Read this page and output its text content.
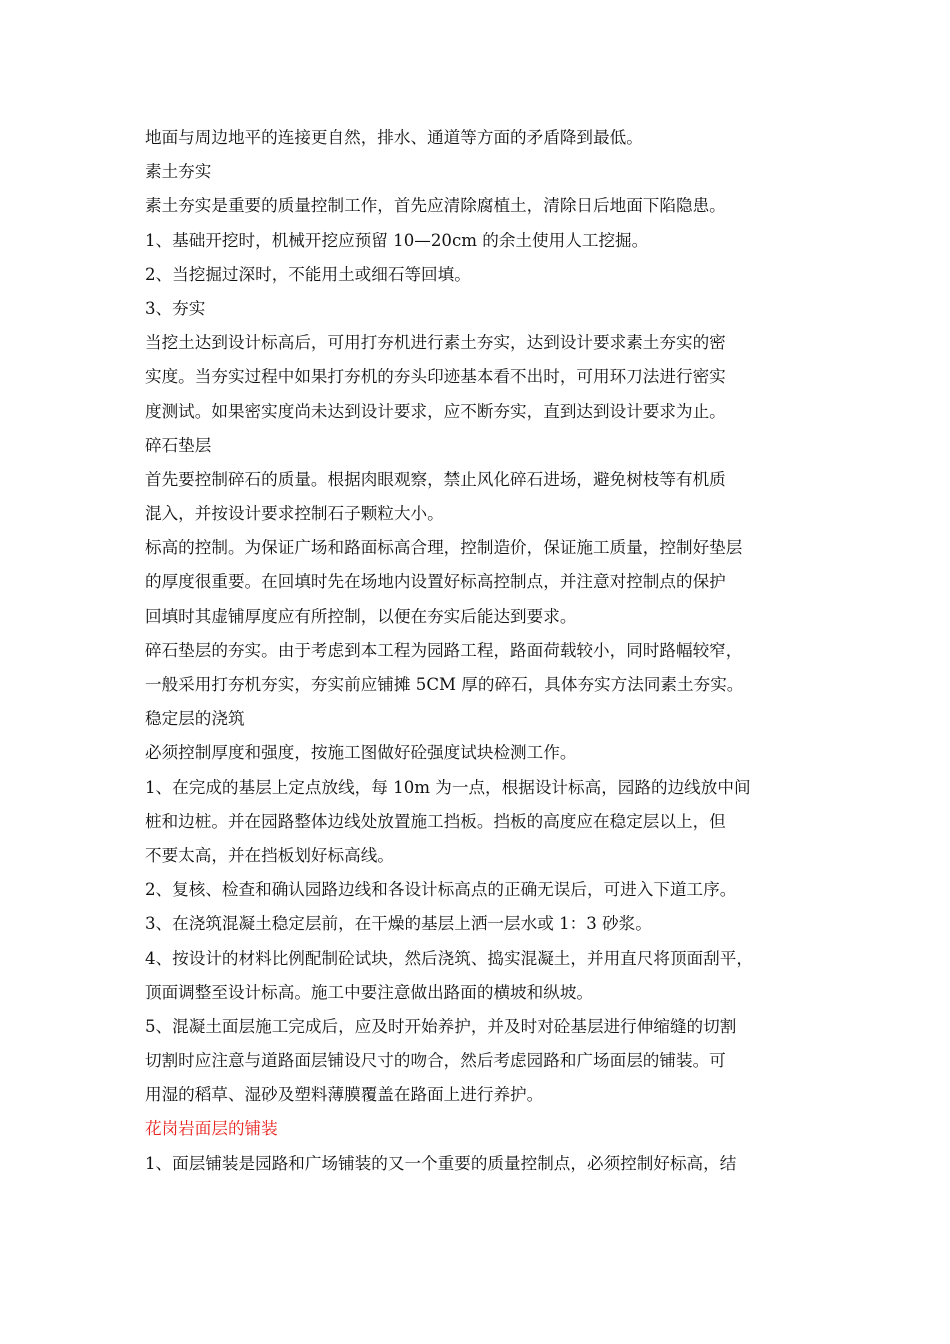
地面与周边地平的连接更自然，排水、通道等方面的矛盾降到最低。
素土夯实
素土夯实是重要的质量控制工作，首先应清除腐植土，清除日后地面下陷隐患。
1、基础开挖时，机械开挖应预留 10—20cm 的余土使用人工挖掘。
2、当挖掘过深时，不能用土或细石等回填。
3、夯实
当挖土达到设计标高后，可用打夯机进行素土夯实，达到设计要求素土夯实的密
实度。当夯实过程中如果打夯机的夯头印迹基本看不出时，可用环刀法进行密实
度测试。如果密实度尚未达到设计要求，应不断夯实，直到达到设计要求为止。
碎石垫层
首先要控制碎石的质量。根据肉眼观察，禁止风化碎石进场，避免树枝等有机质
混入，并按设计要求控制石子颗粒大小。
标高的控制。为保证广场和路面标高合理，控制造价，保证施工质量，控制好垫层
的厚度很重要。在回填时先在场地内设置好标高控制点，并注意对控制点的保护
回填时其虚铺厚度应有所控制，以便在夯实后能达到要求。
碎石垫层的夯实。由于考虑到本工程为园路工程，路面荷载较小，同时路幅较窄，
一般采用打夯机夯实，夯实前应铺摊 5CM 厚的碎石，具体夯实方法同素土夯实。
稳定层的浇筑
必须控制厚度和强度，按施工图做好砼强度试块检测工作。
1、在完成的基层上定点放线，每 10m 为一点，根据设计标高，园路的边线放中间
桩和边桩。并在园路整体边线处放置施工挡板。挡板的高度应在稳定层以上，但
不要太高，并在挡板划好标高线。
2、复核、检查和确认园路边线和各设计标高点的正确无误后，可进入下道工序。
3、在浇筑混凝土稳定层前，在干燥的基层上洒一层水或 1：3 砂浆。
4、按设计的材料比例配制砼试块，然后浇筑、捣实混凝土，并用直尺将顶面刮平，
顶面调整至设计标高。施工中要注意做出路面的横坡和纵坡。
5、混凝土面层施工完成后，应及时开始养护，并及时对砼基层进行伸缩缝的切割
切割时应注意与道路面层铺设尺寸的吻合，然后考虑园路和广场面层的铺装。可
用湿的稻草、湿砂及塑料薄膜覆盖在路面上进行养护。
花岗岩面层的铺装
1、面层铺装是园路和广场铺装的又一个重要的质量控制点，必须控制好标高，结
